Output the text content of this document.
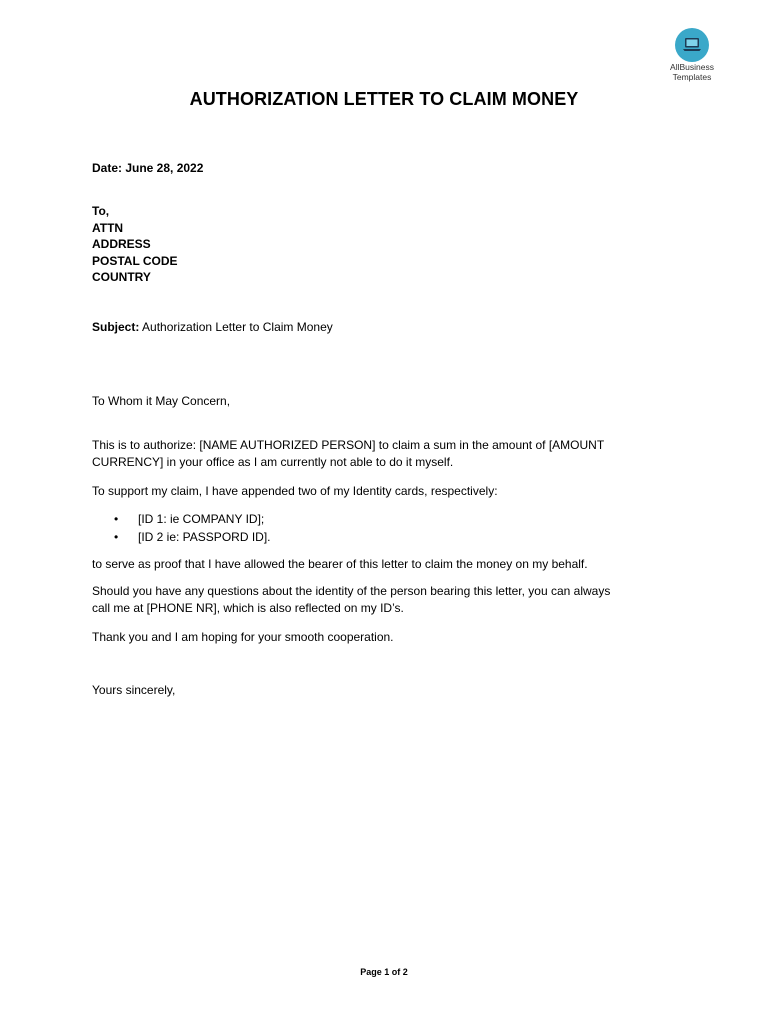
AllBusiness
Templates
AUTHORIZATION LETTER TO CLAIM MONEY
Date: June 28, 2022
To,
ATTN
ADDRESS
POSTAL CODE
COUNTRY
Subject: Authorization Letter to Claim Money
To Whom it May Concern,
This is to authorize: [NAME AUTHORIZED PERSON] to claim a sum in the amount of [AMOUNT
CURRENCY] in your office as I am currently not able to do it myself.
To support my claim, I have appended two of my Identity cards, respectively:
• [ID 1: ie COMPANY ID];
• [ID 2 ie: PASSPORD ID].
to serve as proof that I have allowed the bearer of this letter to claim the money on my behalf.
Should you have any questions about the identity of the person bearing this letter, you can always
call me at [PHONE NR], which is also reflected on my ID’s.
Thank you and I am hoping for your smooth cooperation.
Yours sincerely,
Page 1 of 2
